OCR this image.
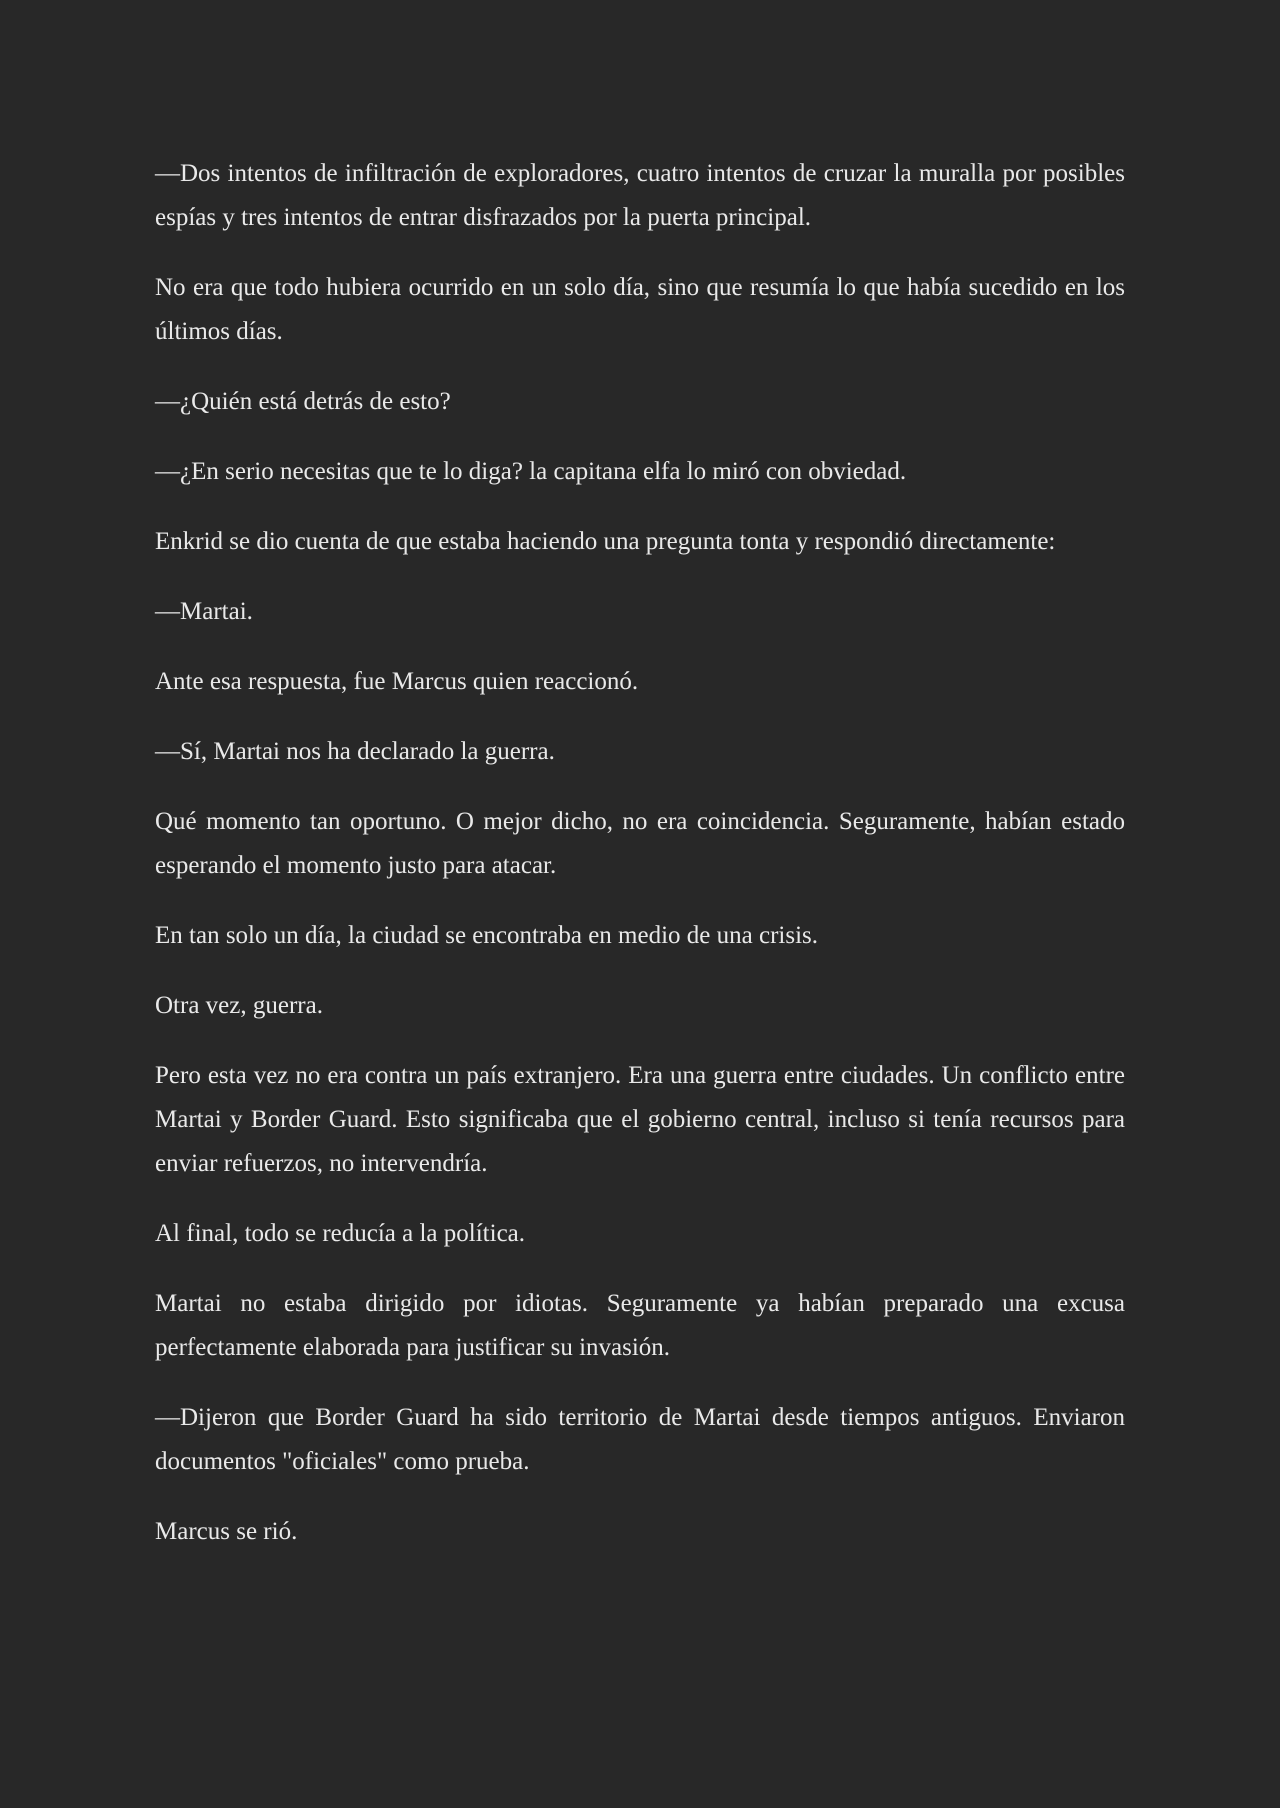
—Dos intentos de infiltración de exploradores, cuatro intentos de cruzar la muralla por posibles espías y tres intentos de entrar disfrazados por la puerta principal.

No era que todo hubiera ocurrido en un solo día, sino que resumía lo que había sucedido en los últimos días.

—¿Quién está detrás de esto?

—¿En serio necesitas que te lo diga? la capitana elfa lo miró con obviedad.

Enkrid se dio cuenta de que estaba haciendo una pregunta tonta y respondió directamente:

—Martai.

Ante esa respuesta, fue Marcus quien reaccionó.

—Sí, Martai nos ha declarado la guerra.

Qué momento tan oportuno. O mejor dicho, no era coincidencia. Seguramente, habían estado esperando el momento justo para atacar.

En tan solo un día, la ciudad se encontraba en medio de una crisis.

Otra vez, guerra.

Pero esta vez no era contra un país extranjero. Era una guerra entre ciudades. Un conflicto entre Martai y Border Guard. Esto significaba que el gobierno central, incluso si tenía recursos para enviar refuerzos, no intervendría.

Al final, todo se reducía a la política.

Martai no estaba dirigido por idiotas. Seguramente ya habían preparado una excusa perfectamente elaborada para justificar su invasión.

—Dijeron que Border Guard ha sido territorio de Martai desde tiempos antiguos. Enviaron documentos "oficiales" como prueba.

Marcus se rió.
